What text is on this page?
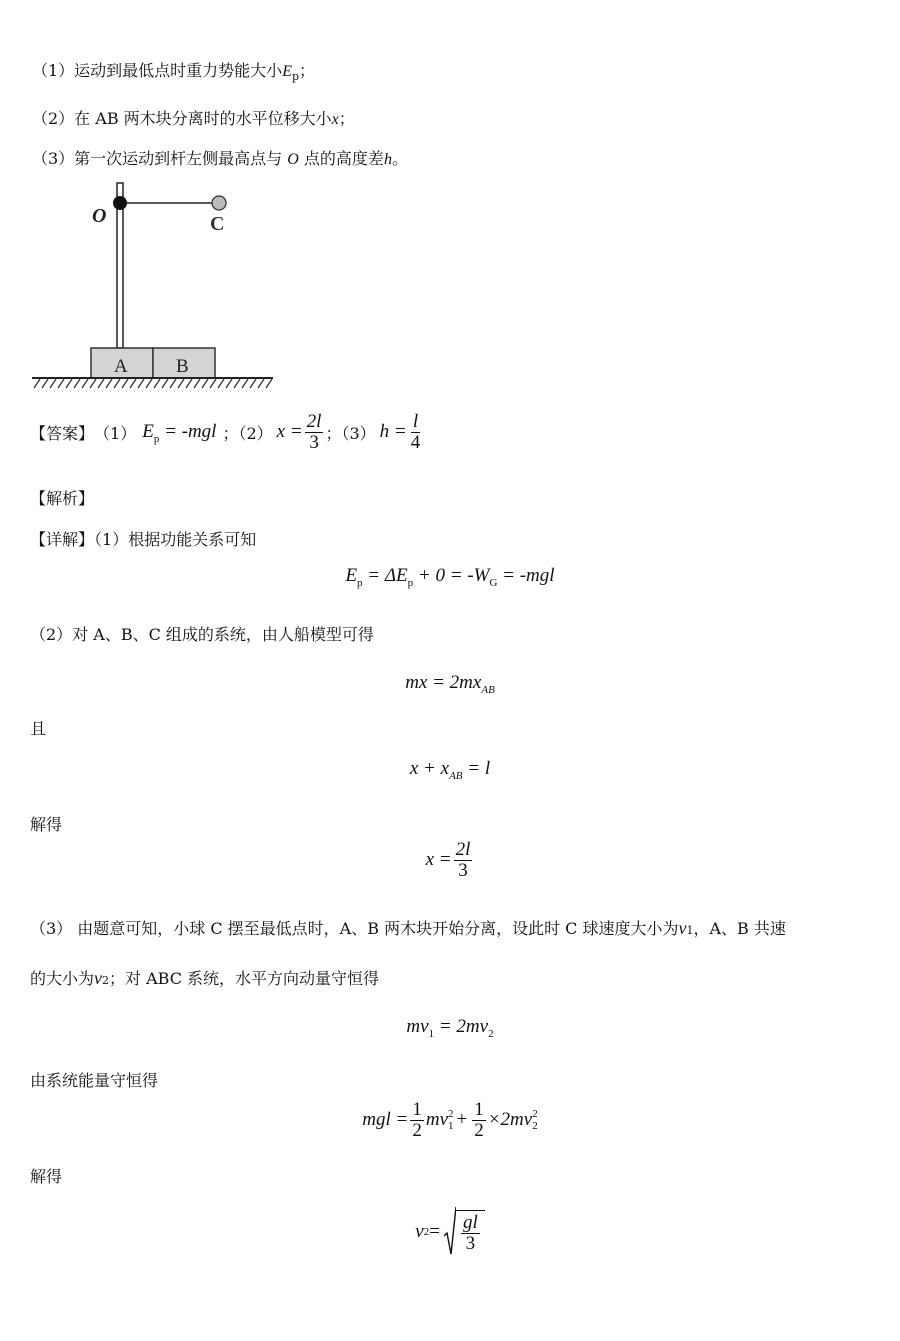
（1）运动到最低点时重力势能大小$E_p$；
（2）在 AB 两木块分离时的水平位移大小x；
（3）第一次运动到杆左侧最高点与 O 点的高度差h。
O	C
A	B
【答案】 （1） $E_p = -mgl$ ；（2） $x = \frac{2l}{3}$ ；（3） $h = \frac{l}{4}$
【解析】
【详解】（1）根据功能关系可知
$E_p = \Delta E_p + 0 = -W_G = -mgl$
（2）对 A、B、C 组成的系统，由人船模型可得
mx = $2mx_{AB}$
且
$x + x_{AB} = l$
解得
$x = \frac{2l}{3}$
（3） 由题意可知，小球 C 摆至最低点时，A、B 两木块开始分离，设此时 C 球速度大小为 v 1 ，A、B 共速
的大小为 v 2 ；对 ABC 系统，水平方向动量守恒得
$mv_1 = 2mv_2$
由系统能量守恒得
mgl = $\frac{1}{2}$ mv 2
$1 + \frac{1}{2} \times 2mv$ 2
2
解得
v $2 = \frac{gl}{3}$
